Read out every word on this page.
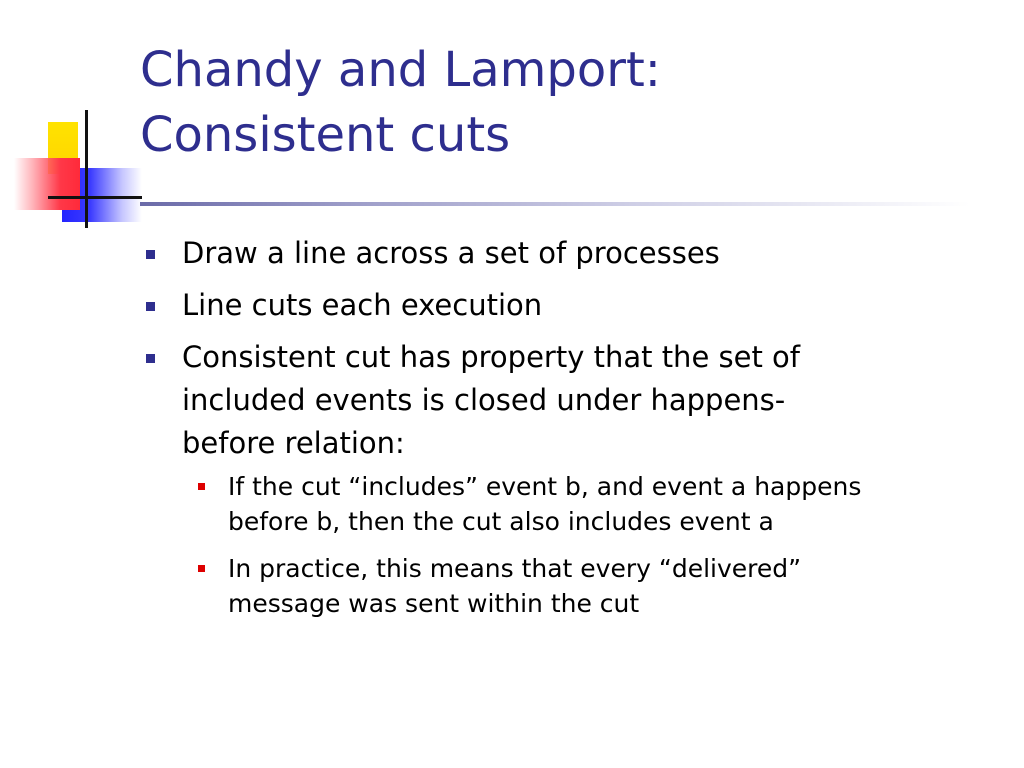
Chandy and Lamport:
Consistent cuts
Draw a line across a set of processes
Line cuts each execution
Consistent cut has property that the set of
included events is closed under happens-
before relation:
If the cut “includes” event b, and event a happens
before b, then the cut also includes event a
In practice, this means that every “delivered”
message was sent within the cut
